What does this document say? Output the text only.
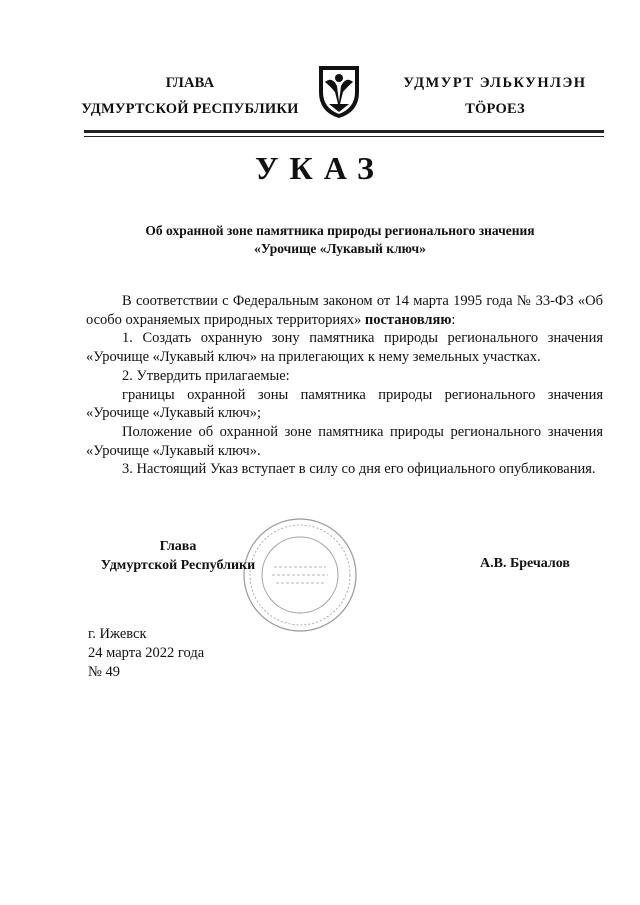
ГЛАВА
УДМУРТСКОЙ РЕСПУБЛИКИ
УДМУРТ ЭЛЬКУНЛЭН
ТӦРОЕЗ
УКАЗ
Об охранной зоне памятника природы регионального значения
«Урочище «Лукавый ключ»

В соответствии с Федеральным законом от 14 марта 1995 года № 33-ФЗ «Об особо охраняемых природных территориях» постановляю:

1. Создать охранную зону памятника природы регионального значения «Урочище «Лукавый ключ» на прилегающих к нему земельных участках.

2. Утвердить прилагаемые:

границы охранной зоны памятника природы регионального значения «Урочище «Лукавый ключ»;

Положение об охранной зоне памятника природы регионального значения «Урочище «Лукавый ключ».

3. Настоящий Указ вступает в силу со дня его официального опубликования.

Глава
Удмуртской Республики	А.В. Бречалов
г. Ижевск
24 марта 2022 года
№ 49
